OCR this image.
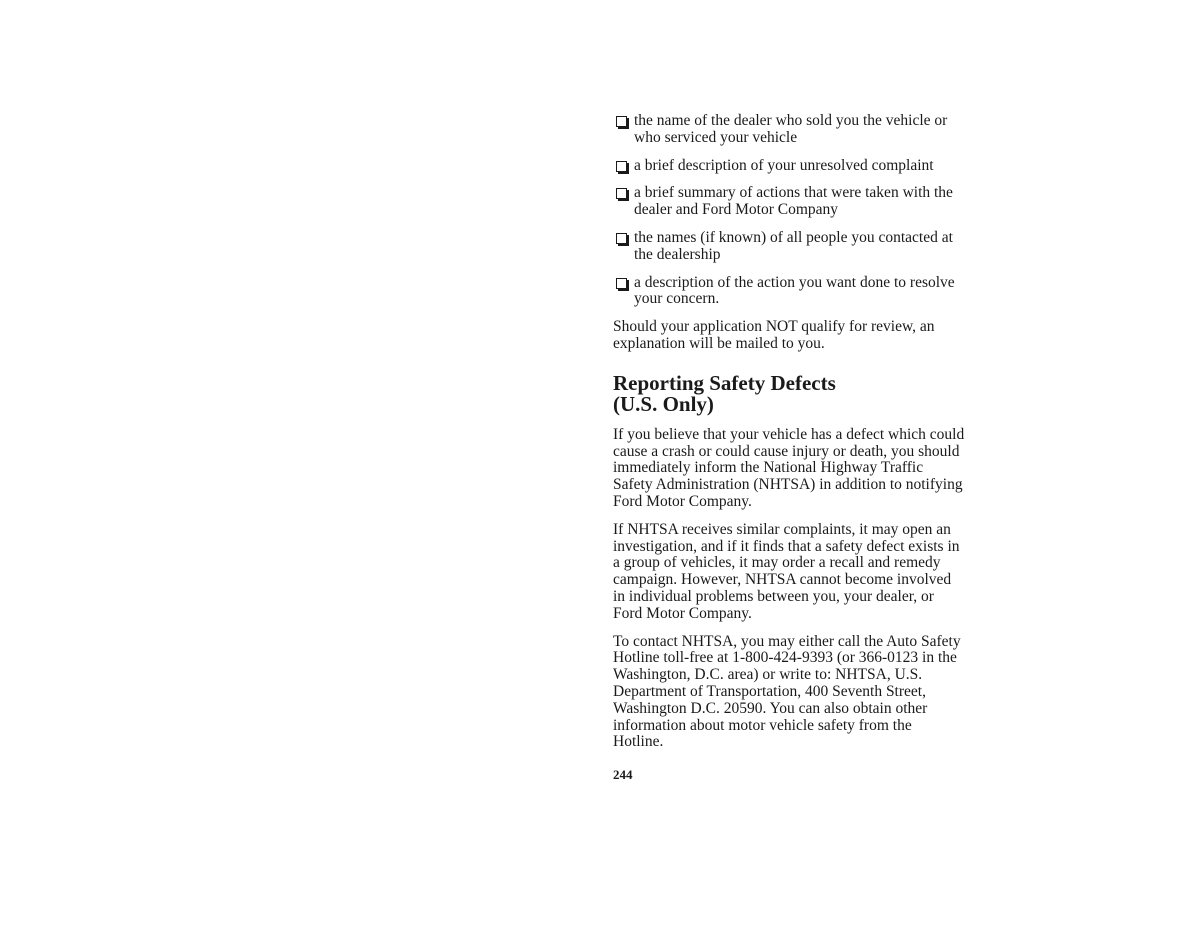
the name of the dealer who sold you the vehicle or who serviced your vehicle
a brief description of your unresolved complaint
a brief summary of actions that were taken with the dealer and Ford Motor Company
the names (if known) of all people you contacted at the dealership
a description of the action you want done to resolve your concern.

Should your application NOT qualify for review, an explanation will be mailed to you.

Reporting Safety Defects
(U.S. Only)

If you believe that your vehicle has a defect which could cause a crash or could cause injury or death, you should immediately inform the National Highway Traffic Safety Administration (NHTSA) in addition to notifying Ford Motor Company.

If NHTSA receives similar complaints, it may open an investigation, and if it finds that a safety defect exists in a group of vehicles, it may order a recall and remedy campaign. However, NHTSA cannot become involved in individual problems between you, your dealer, or Ford Motor Company.

To contact NHTSA, you may either call the Auto Safety Hotline toll-free at 1-800-424-9393 (or 366-0123 in the Washington, D.C. area) or write to: NHTSA, U.S. Department of Transportation, 400 Seventh Street, Washington D.C. 20590. You can also obtain other information about motor vehicle safety from the Hotline.

244
